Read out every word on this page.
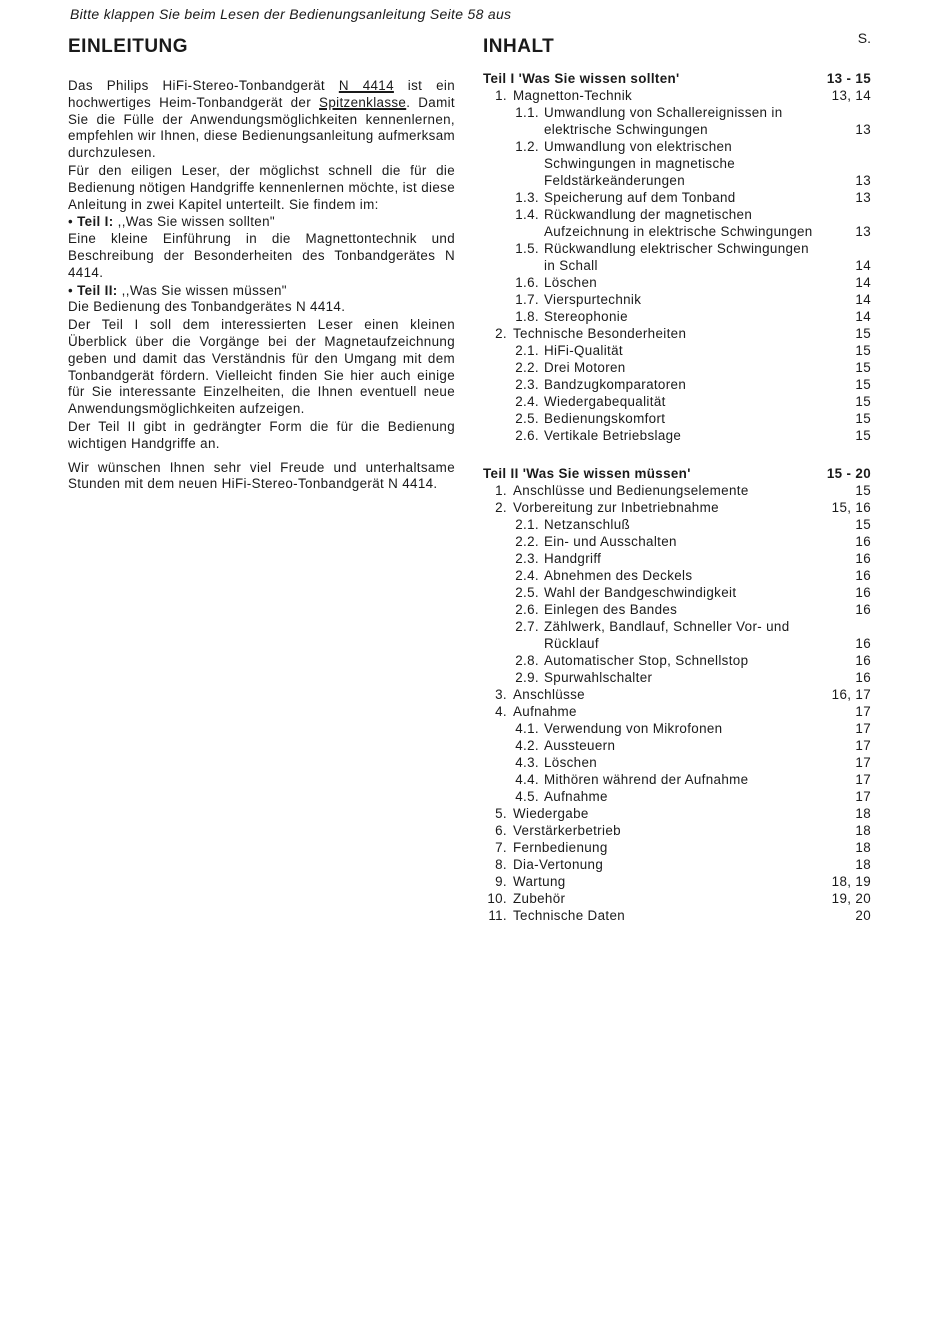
Bitte klappen Sie beim Lesen der Bedienungsanleitung Seite 58 aus
EINLEITUNG
Das Philips HiFi-Stereo-Tonbandgerät N 4414 ist ein hochwertiges Heim-Tonbandgerät der Spitzenklasse. Damit Sie die Fülle der Anwendungsmöglichkeiten kennenlernen, empfehlen wir Ihnen, diese Bedienungsanleitung aufmerksam durchzulesen.
Für den eiligen Leser, der möglichst schnell die für die Bedienung nötigen Handgriffe kennenlernen möchte, ist diese Anleitung in zwei Kapitel unterteilt. Sie findem im:
• Teil I: ,,Was Sie wissen sollten"
Eine kleine Einführung in die Magnettontechnik und Beschreibung der Besonderheiten des Tonbandgerätes N 4414.
• Teil II: ,,Was Sie wissen müssen"
Die Bedienung des Tonbandgerätes N 4414.
Der Teil I soll dem interessierten Leser einen kleinen Überblick über die Vorgänge bei der Magnetaufzeichnung geben und damit das Verständnis für den Umgang mit dem Tonbandgerät fördern. Vielleicht finden Sie hier auch einige für Sie interessante Einzelheiten, die Ihnen eventuell neue Anwendungsmöglichkeiten aufzeigen.
Der Teil II gibt in gedrängter Form die für die Bedienung wichtigen Handgriffe an.
Wir wünschen Ihnen sehr viel Freude und unterhaltsame Stunden mit dem neuen HiFi-Stereo-Tonbandgerät N 4414.
INHALT	S.
Teil I 'Was Sie wissen sollten'	13 - 15
1. Magnetton-Technik	13, 14
1.1. Umwandlung von Schallereignissen in elektrische Schwingungen	13
1.2. Umwandlung von elektrischen Schwingungen in magnetische Feldstärkeänderungen	13
1.3. Speicherung auf dem Tonband	13
1.4. Rückwandlung der magnetischen Aufzeichnung in elektrische Schwingungen	13
1.5. Rückwandlung elektrischer Schwingungen in Schall	14
1.6. Löschen	14
1.7. Vierspurtechnik	14
1.8. Stereophonie	14
2. Technische Besonderheiten	15
2.1. HiFi-Qualität	15
2.2. Drei Motoren	15
2.3. Bandzugkomparatoren	15
2.4. Wiedergabequalität	15
2.5. Bedienungskomfort	15
2.6. Vertikale Betriebslage	15
Teil II 'Was Sie wissen müssen'	15 - 20
1. Anschlüsse und Bedienungselemente	15
2. Vorbereitung zur Inbetriebnahme	15, 16
2.1. Netzanschluß	15
2.2. Ein- und Ausschalten	16
2.3. Handgriff	16
2.4. Abnehmen des Deckels	16
2.5. Wahl der Bandgeschwindigkeit	16
2.6. Einlegen des Bandes	16
2.7. Zählwerk, Bandlauf, Schneller Vor- und Rücklauf	16
2.8. Automatischer Stop, Schnellstop	16
2.9. Spurwahlschalter	16
3. Anschlüsse	16, 17
4. Aufnahme	17
4.1. Verwendung von Mikrofonen	17
4.2. Aussteuern	17
4.3. Löschen	17
4.4. Mithören während der Aufnahme	17
4.5. Aufnahme	17
5. Wiedergabe	18
6. Verstärkerbetrieb	18
7. Fernbedienung	18
8. Dia-Vertonung	18
9. Wartung	18, 19
10. Zubehör	19, 20
11. Technische Daten	20
